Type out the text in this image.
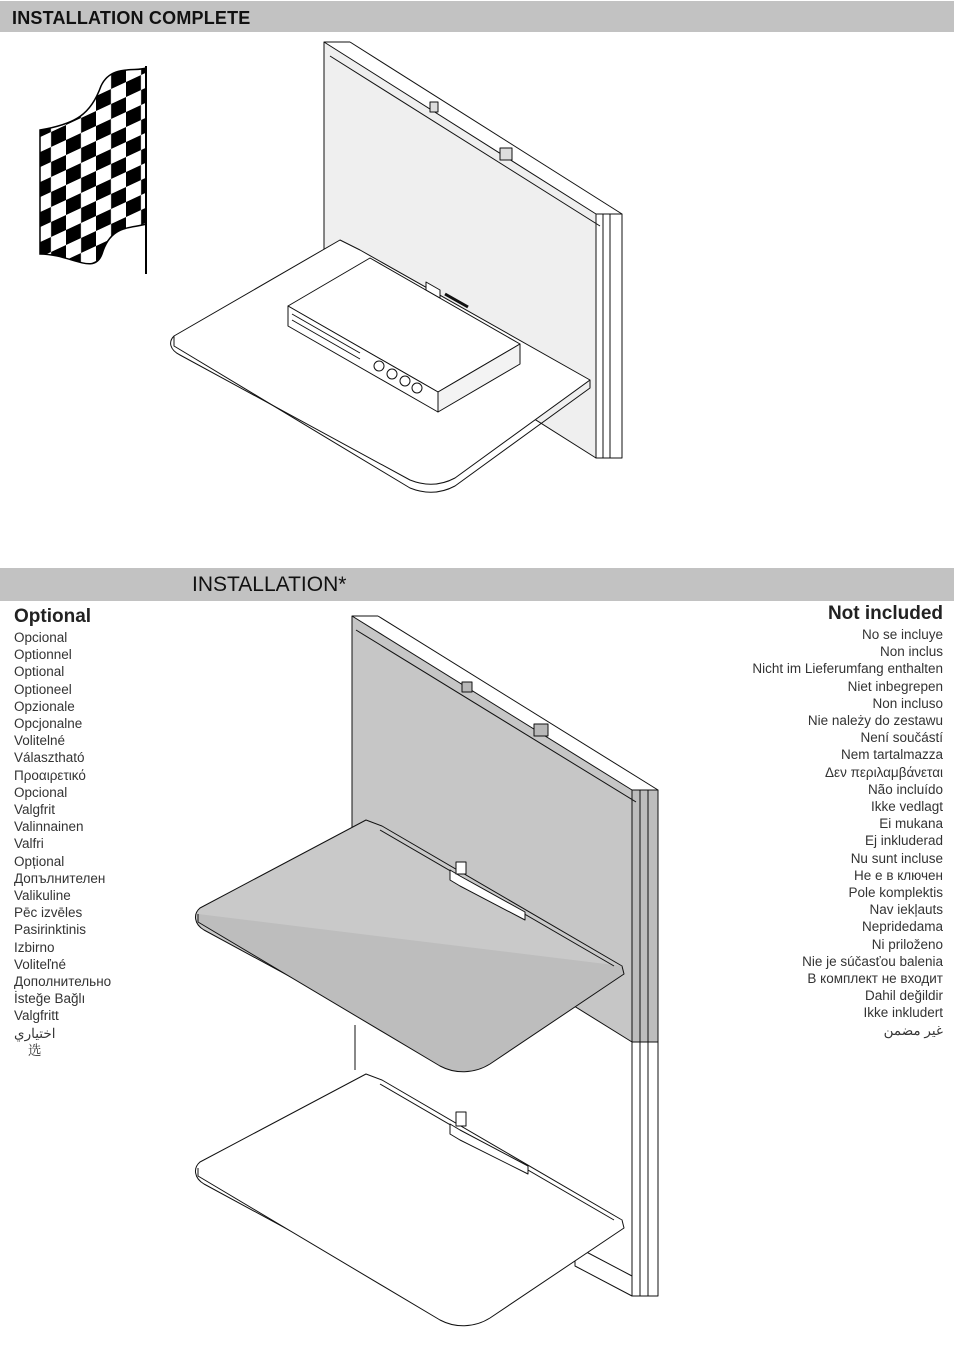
INSTALLATION COMPLETE
INSTALLATION*
Optional
Opcional
Optionnel
Optional
Optioneel
Opzionale
Opcjonalne
Volitelné
Választható
Προαιρετικό
Opcional
Valgfrit
Valinnainen
Valfri
Opțional
Допълнителен
Valikuline
Pēc izvēles
Pasirinktinis
Izbirno
Voliteľné
Дополнительно
İsteğe Bağlı
Valgfritt
اختياري
选
Not included
No se incluye
Non inclus
Nicht im Lieferumfang enthalten
Niet inbegrepen
Non incluso
Nie należy do zestawu
Není součástí
Nem tartalmazza
Δεν περιλαμβάνεται
Não incluído
Ikke vedlagt
Ei mukana
Ej inkluderad
Nu sunt incluse
Не е в ключен
Pole komplektis
Nav iekļauts
Nepridedama
Ni priloženo
Nie je súčasťou balenia
В комплект не входит
Dahil değildir
Ikke inkludert
غير مضمن
